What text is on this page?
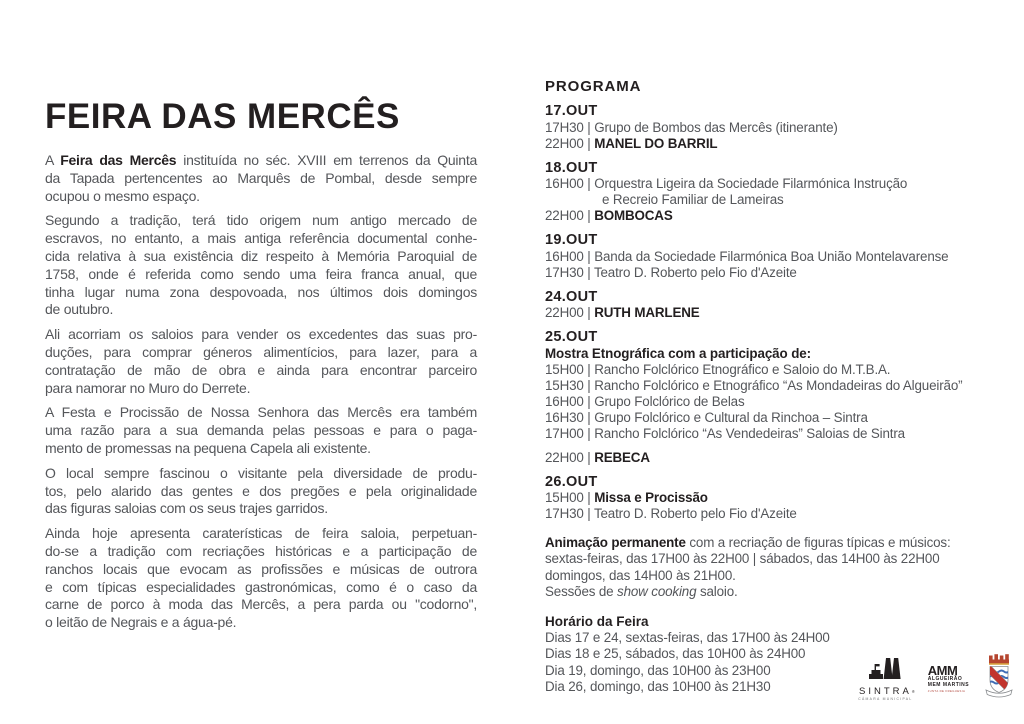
FEIRA DAS MERCÊS
A Feira das Mercês instituída no séc. XVIII em terrenos da Quinta
da Tapada pertencentes ao Marquês de Pombal, desde sempre
ocupou o mesmo espaço.
Segundo a tradição, terá tido origem num antigo mercado de
escravos, no entanto, a mais antiga referência documental conhe-
cida relativa à sua existência diz respeito à Memória Paroquial de
1758, onde é referida como sendo uma feira franca anual, que
tinha lugar numa zona despovoada, nos últimos dois domingos
de outubro.
Ali acorriam os saloios para vender os excedentes das suas pro-
duções, para comprar géneros alimentícios, para lazer, para a
contratação de mão de obra e ainda para encontrar parceiro
para namorar no Muro do Derrete.
A Festa e Procissão de Nossa Senhora das Mercês era também
uma razão para a sua demanda pelas pessoas e para o paga-
mento de promessas na pequena Capela ali existente.
O local sempre fascinou o visitante pela diversidade de produ-
tos, pelo alarido das gentes e dos pregões e pela originalidade
das figuras saloias com os seus trajes garridos.
Ainda hoje apresenta caraterísticas de feira saloia, perpetuan-
do-se a tradição com recriações históricas e a participação de
ranchos locais que evocam as profissões e músicas de outrora
e com típicas especialidades gastronómicas, como é o caso da
carne de porco à moda das Mercês, a pera parda ou "codorno",
o leitão de Negrais e a água-pé.
PROGRAMA
17.OUT
17H30 | Grupo de Bombos das Mercês (itinerante)
22H00 | MANEL DO BARRIL
18.OUT
16H00 | Orquestra Ligeira da Sociedade Filarmónica Instrução
e Recreio Familiar de Lameiras
22H00 | BOMBOCAS
19.OUT
16H00 | Banda da Sociedade Filarmónica Boa União Montelavarense
17H30 | Teatro D. Roberto pelo Fio d'Azeite
24.OUT
22H00 | RUTH MARLENE
25.OUT
Mostra Etnográfica com a participação de:
15H00 | Rancho Folclórico Etnográfico e Saloio do M.T.B.A.
15H30 | Rancho Folclórico e Etnográfico “As Mondadeiras do Algueirão”
16H00 | Grupo Folclórico de Belas
16H30 | Grupo Folclórico e Cultural da Rinchoa – Sintra
17H00 | Rancho Folclórico “As Vendedeiras” Saloias de Sintra
22H00 | REBECA
26.OUT
15H00 | Missa e Procissão
17H30 | Teatro D. Roberto pelo Fio d'Azeite
Animação permanente com a recriação de figuras típicas e músicos:
sextas-feiras, das 17H00 às 22H00 | sábados, das 14H00 às 22H00
domingos, das 14H00 às 21H00.
Sessões de show cooking saloio.
Horário da Feira
Dias 17 e 24, sextas-feiras, das 17H00 às 24H00
Dias 18 e 25, sábados, das 10H00 às 24H00
Dia 19, domingo, das 10H00 às 23H00
Dia 26, domingo, das 10H00 às 21H30	SINTRA®
CÂMARA MUNICIPAL
AMM
ALGUEIRÃO
MEM MARTINS
JUNTA DE FREGUESIA
